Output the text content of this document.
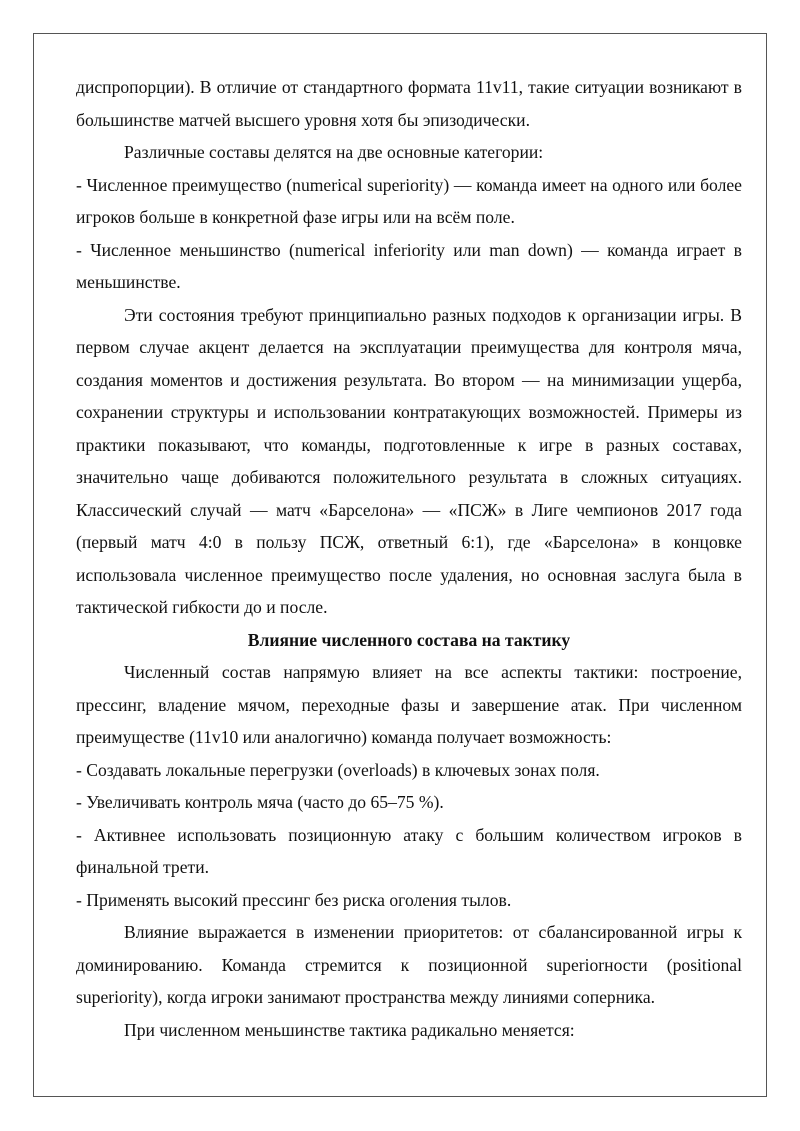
диспропорции). В отличие от стандартного формата 11v11, такие ситуации возникают в большинстве матчей высшего уровня хотя бы эпизодически.

Различные составы делятся на две основные категории:

- Численное преимущество (numerical superiority) — команда имеет на одного или более игроков больше в конкретной фазе игры или на всём поле.

- Численное меньшинство (numerical inferiority или man down) — команда играет в меньшинстве.

Эти состояния требуют принципиально разных подходов к организации игры. В первом случае акцент делается на эксплуатации преимущества для контроля мяча, создания моментов и достижения результата. Во втором — на минимизации ущерба, сохранении структуры и использовании контратакующих возможностей. Примеры из практики показывают, что команды, подготовленные к игре в разных составах, значительно чаще добиваются положительного результата в сложных ситуациях. Классический случай — матч «Барселона» — «ПСЖ» в Лиге чемпионов 2017 года (первый матч 4:0 в пользу ПСЖ, ответный 6:1), где «Барселона» в концовке использовала численное преимущество после удаления, но основная заслуга была в тактической гибкости до и после.

Влияние численного состава на тактику

Численный состав напрямую влияет на все аспекты тактики: построение, прессинг, владение мячом, переходные фазы и завершение атак. При численном преимуществе (11v10 или аналогично) команда получает возможность:

- Создавать локальные перегрузки (overloads) в ключевых зонах поля.

- Увеличивать контроль мяча (часто до 65–75 %).

- Активнее использовать позиционную атаку с большим количеством игроков в финальной трети.

- Применять высокий прессинг без риска оголения тылов.

Влияние выражается в изменении приоритетов: от сбалансированной игры к доминированию. Команда стремится к позиционной superiorности (positional superiority), когда игроки занимают пространства между линиями соперника.

При численном меньшинстве тактика радикально меняется:
